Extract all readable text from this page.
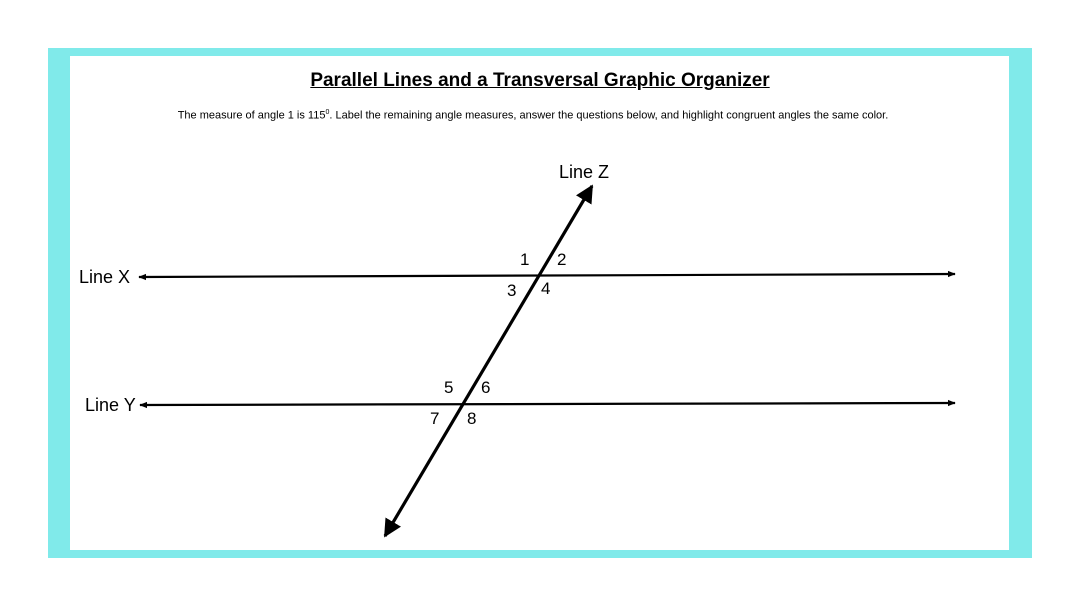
Parallel Lines and a Transversal Graphic Organizer
The measure of angle 1 is $115^0$. Label the remaining angle measures, answer the questions below, and highlight congruent angles the same color.
Line X
Line Y
Line Z
1 2
3 4
5 6
7 8
